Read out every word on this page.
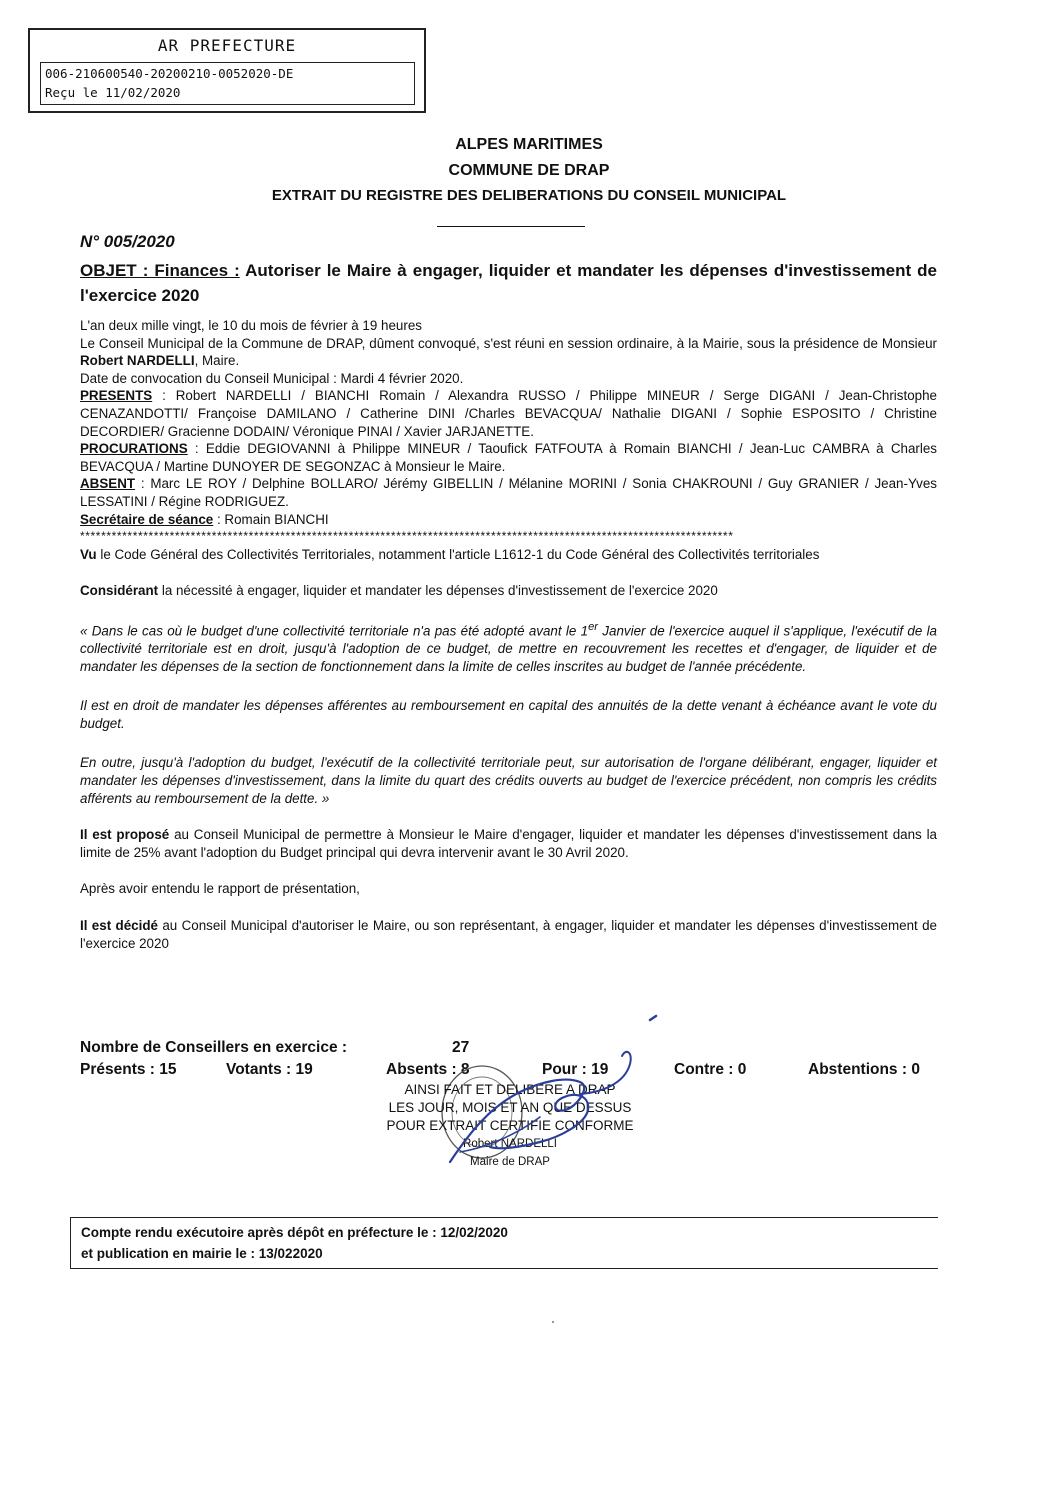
AR PREFECTURE
006-210600540-20200210-0052020-DE
Reçu le 11/02/2020
ALPES MARITIMES
COMMUNE DE DRAP
EXTRAIT DU REGISTRE DES DELIBERATIONS DU CONSEIL MUNICIPAL
N° 005/2020
OBJET : Finances : Autoriser le Maire à engager, liquider et mandater les dépenses d'investissement de l'exercice 2020

L'an deux mille vingt, le 10 du mois de février à 19 heures

Le Conseil Municipal de la Commune de DRAP, dûment convoqué, s'est réuni en session ordinaire, à la Mairie, sous la présidence de Monsieur Robert NARDELLI, Maire.

Date de convocation du Conseil Municipal : Mardi 4 février 2020.

PRESENTS : Robert NARDELLI / BIANCHI Romain / Alexandra RUSSO / Philippe MINEUR / Serge DIGANI / Jean-Christophe CENAZANDOTTI/ Françoise DAMILANO / Catherine DINI /Charles BEVACQUA/ Nathalie DIGANI / Sophie ESPOSITO / Christine DECORDIER/ Gracienne DODAIN/ Véronique PINAI / Xavier JARJANETTE.

PROCURATIONS : Eddie DEGIOVANNI à Philippe MINEUR / Taoufick FATFOUTA à Romain BIANCHI / Jean-Luc CAMBRA à Charles BEVACQUA / Martine DUNOYER DE SEGONZAC à Monsieur le Maire.

ABSENT : Marc LE ROY / Delphine BOLLARO/ Jérémy GIBELLIN / Mélanine MORINI / Sonia CHAKROUNI / Guy GRANIER / Jean-Yves LESSATINI / Régine RODRIGUEZ.

Secrétaire de séance : Romain BIANCHI

****************************************************************************************************************************

Vu le Code Général des Collectivités Territoriales, notamment l'article L1612-1 du Code Général des Collectivités territoriales

Considérant la nécessité à engager, liquider et mandater les dépenses d'investissement de l'exercice 2020

« Dans le cas où le budget d'une collectivité territoriale n'a pas été adopté avant le 1er Janvier de l'exercice auquel il s'applique, l'exécutif de la collectivité territoriale est en droit, jusqu'à l'adoption de ce budget, de mettre en recouvrement les recettes et d'engager, de liquider et de mandater les dépenses de la section de fonctionnement dans la limite de celles inscrites au budget de l'année précédente.

Il est en droit de mandater les dépenses afférentes au remboursement en capital des annuités de la dette venant à échéance avant le vote du budget.

En outre, jusqu'à l'adoption du budget, l'exécutif de la collectivité territoriale peut, sur autorisation de l'organe délibérant, engager, liquider et mandater les dépenses d'investissement, dans la limite du quart des crédits ouverts au budget de l'exercice précédent, non compris les crédits afférents au remboursement de la dette. »

Il est proposé au Conseil Municipal de permettre à Monsieur le Maire d'engager, liquider et mandater les dépenses d'investissement dans la limite de 25% avant l'adoption du Budget principal qui devra intervenir avant le 30 Avril 2020.

Après avoir entendu le rapport de présentation,

Il est décidé au Conseil Municipal d'autoriser le Maire, ou son représentant, à engager, liquider et mandater les dépenses d'investissement de l'exercice 2020

Nombre de Conseillers en exercice :	27
Présents : 15	Votants : 19	Absents : 8	Pour : 19	Contre : 0	Abstentions : 0
AINSI FAIT ET DELIBERE A DRAP
LES JOUR, MOIS ET AN QUE DESSUS
POUR EXTRAIT CERTIFIE CONFORME
Robert NARDELLI
Maire de DRAP
Compte rendu exécutoire après dépôt en préfecture le : 12/02/2020
et publication en mairie le : 13/022020
